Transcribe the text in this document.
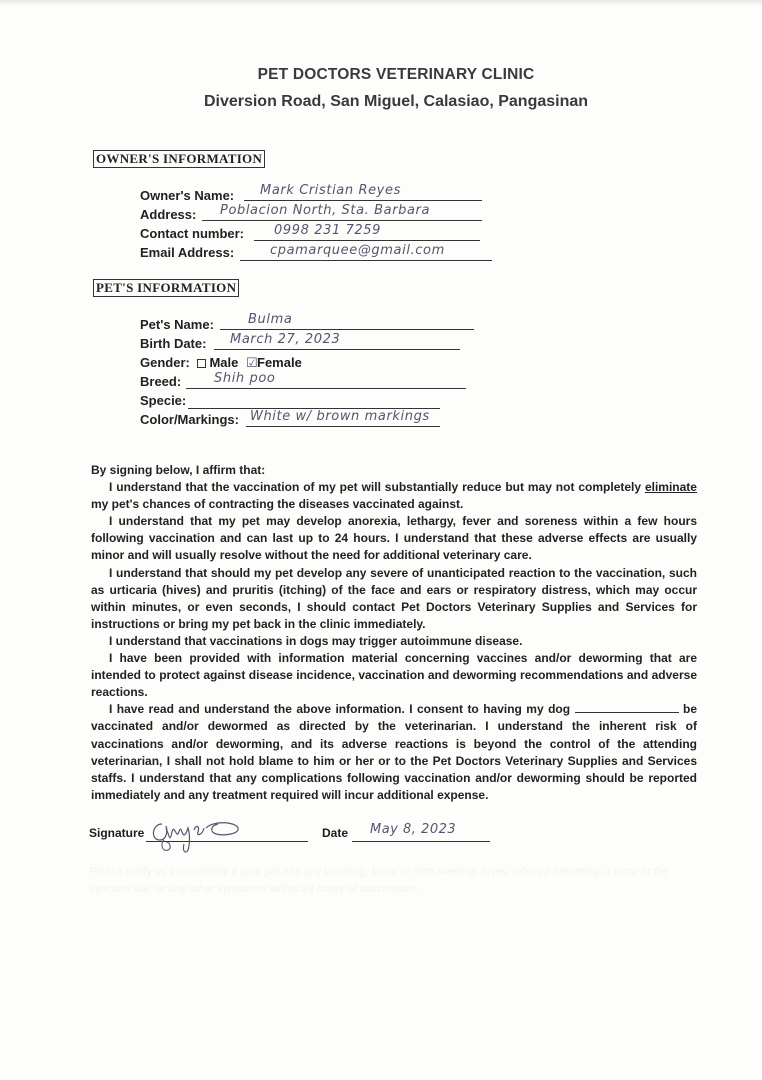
PET DOCTORS VETERINARY CLINIC
Diversion Road, San Miguel, Calasiao, Pangasinan
OWNER'S INFORMATION
Owner's Name:	Mark Cristian Reyes
Address:	Poblacion North, Sta. Barbara
Contact number:	0998 231 7259
Email Address:	cpamarquee@gmail.com
PET'S INFORMATION
Pet's Name:	Bulma
Birth Date:	March 27, 2023
Gender: Male ☑Female
Breed:	Shih poo
Specie:
Color/Markings: White w/ brown markings

By signing below, I affirm that:

I understand that the vaccination of my pet will substantially reduce but may not completely eliminate my pet's chances of contracting the diseases vaccinated against.

I understand that my pet may develop anorexia, lethargy, fever and soreness within a few hours following vaccination and can last up to 24 hours. I understand that these adverse effects are usually minor and will usually resolve without the need for additional veterinary care.

I understand that should my pet develop any severe of unanticipated reaction to the vaccination, such as urticaria (hives) and pruritis (itching) of the face and ears or respiratory distress, which may occur within minutes, or even seconds, I should contact Pet Doctors Veterinary Supplies and Services for instructions or bring my pet back in the clinic immediately.

I understand that vaccinations in dogs may trigger autoimmune disease.

I have been provided with information material concerning vaccines and/or deworming that are intended to protect against disease incidence, vaccination and deworming recommendations and adverse reactions.

I have read and understand the above information. I consent to having my dog	be vaccinated and/or dewormed as directed by the veterinarian. I understand the inherent risk of vaccinations and/or deworming, and its adverse reactions is beyond the control of the attending veterinarian, I shall not hold blame to him or her or to the Pet Doctors Veterinary Supplies and Services staffs. I understand that any complications following vaccination and/or deworming should be reported immediately and any treatment required will incur additional expense.

Signature	Date May 8, 2023
Please notify us immediately if your pet has any vomiting, facial or limb swelling, hives, labored breathing, a lump at the injection site, or any other symptoms within 24 hours of vaccination.
